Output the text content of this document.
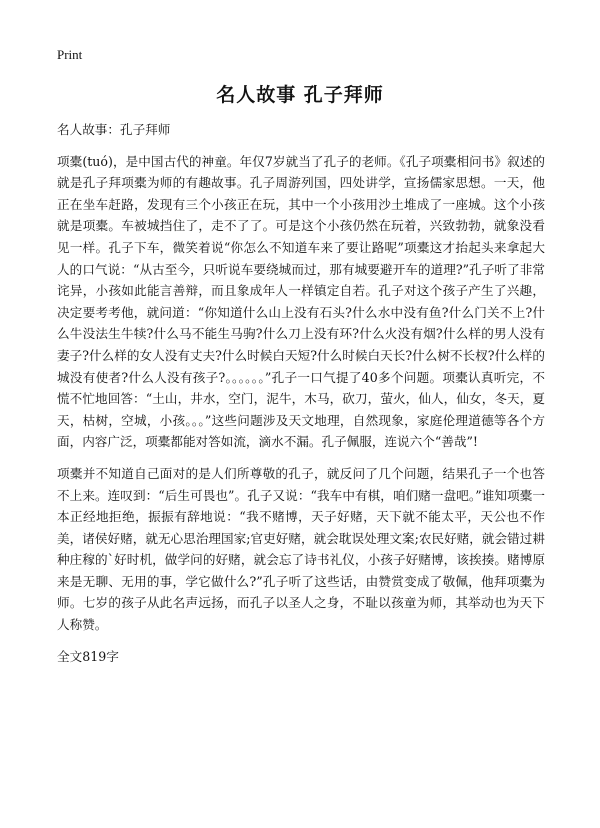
Print
名人故事 孔子拜师

名人故事：孔子拜师

项橐(tuó)，是中国古代的神童。年仅7岁就当了孔子的老师。《孔子项橐相问书》叙述的就是孔子拜项橐为师的有趣故事。孔子周游列国，四处讲学，宣扬儒家思想。一天，他正在坐车赶路，发现有三个小孩正在玩，其中一个小孩用沙土堆成了一座城。这个小孩就是项橐。车被城挡住了，走不了了。可是这个小孩仍然在玩着，兴致勃勃，就象没看见一样。孔子下车，微笑着说“你怎么不知道车来了要让路呢”项橐这才抬起头来拿起大人的口气说：“从古至今，只听说车要绕城而过，那有城要避开车的道理?”孔子听了非常诧异，小孩如此能言善辩，而且象成年人一样镇定自若。孔子对这个孩子产生了兴趣，决定要考考他，就问道：“你知道什么山上没有石头?什么水中没有鱼?什么门关不上?什么牛没法生牛犊?什么马不能生马驹?什么刀上没有环?什么火没有烟?什么样的男人没有妻子?什么样的女人没有丈夫?什么时候白天短?什么时候白天长?什么树不长杈?什么样的城没有使者?什么人没有孩子?。。。。。。”孔子一口气提了40多个问题。项橐认真听完，不慌不忙地回答：“土山，井水，空门，泥牛，木马，砍刀，萤火，仙人，仙女，冬天，夏天，枯树，空城，小孩。。。”这些问题涉及天文地理，自然现象，家庭伦理道德等各个方面，内容广泛，项橐都能对答如流，滴水不漏。孔子佩服，连说六个“善哉”!

项橐并不知道自己面对的是人们所尊敬的孔子，就反问了几个问题，结果孔子一个也答不上来。连叹到：“后生可畏也”。孔子又说：“我车中有棋，咱们赌一盘吧。”谁知项橐一本正经地拒绝，振振有辞地说：“我不赌博，天子好赌，天下就不能太平，天公也不作美，诸侯好赌，就无心思治理国家;官吏好赌，就会耽误处理文案;农民好赌，就会错过耕种庄稼的`好时机，做学问的好赌，就会忘了诗书礼仪，小孩子好赌博，该挨揍。赌博原来是无聊、无用的事，学它做什么?”孔子听了这些话，由赞赏变成了敬佩，他拜项橐为师。七岁的孩子从此名声远扬，而孔子以圣人之身，不耻以孩童为师，其举动也为天下人称赞。

全文819字
